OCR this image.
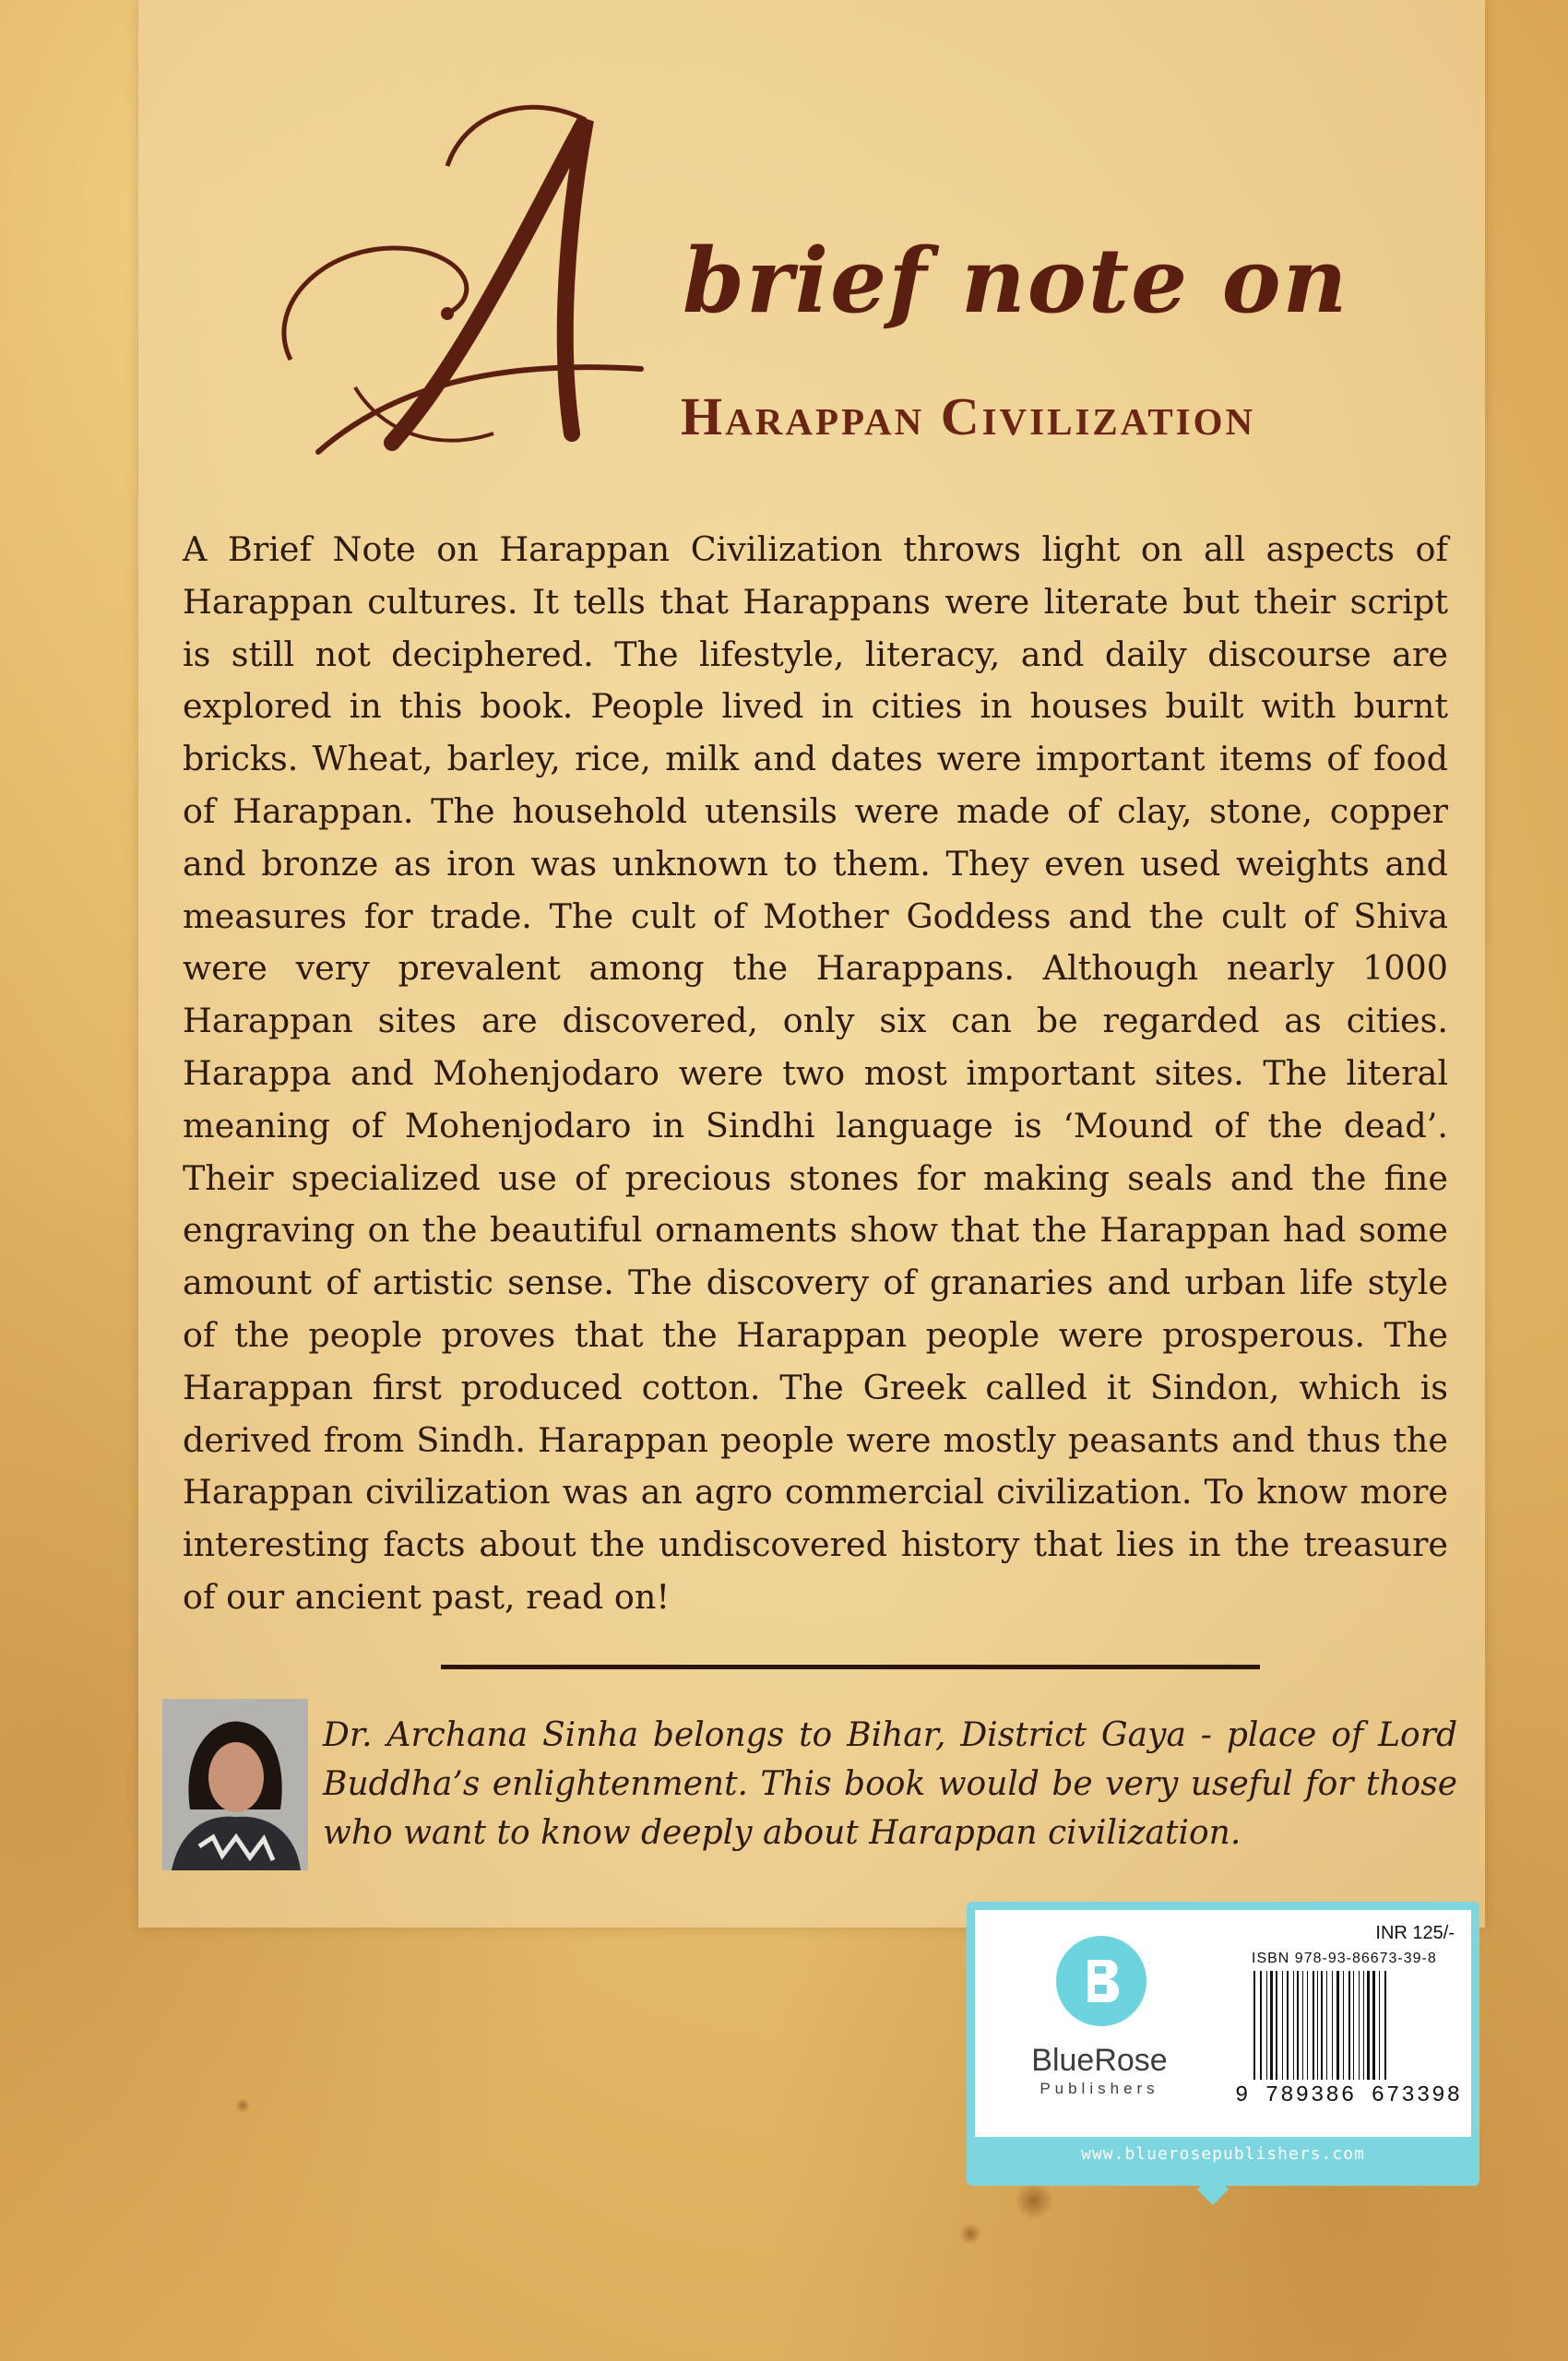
brief note on
Harappan Civilization

A Brief Note on Harappan Civilization throws light on all aspects of Harappan cultures. It tells that Harappans were literate but their script is still not deciphered. The lifestyle, literacy, and daily discourse are explored in this book. People lived in cities in houses built with burnt bricks. Wheat, barley, rice, milk and dates were important items of food of Harappan. The household utensils were made of clay, stone, copper and bronze as iron was unknown to them. They even used weights and measures for trade. The cult of Mother Goddess and the cult of Shiva were very prevalent among the Harappans. Although nearly 1000 Harappan sites are discovered, only six can be regarded as cities. Harappa and Mohenjodaro were two most important sites. The literal meaning of Mohenjodaro in Sindhi language is ‘Mound of the dead’. Their specialized use of precious stones for making seals and the fine engraving on the beautiful ornaments show that the Harappan had some amount of artistic sense. The discovery of granaries and urban life style of the people proves that the Harappan people were prosperous. The Harappan first produced cotton. The Greek called it Sindon, which is derived from Sindh. Harappan people were mostly peasants and thus the Harappan civilization was an agro commercial civilization. To know more interesting facts about the undiscovered history that lies in the treasure of our ancient past, read on!

Dr. Archana Sinha belongs to Bihar, District Gaya - place of Lord Buddha’s enlightenment. This book would be very useful for those who want to know deeply about Harappan civilization.

BlueRose
Publishers
INR 125/-
ISBN 978-93-86673-39-8
9 789386 673398
www.bluerosepublishers.com
